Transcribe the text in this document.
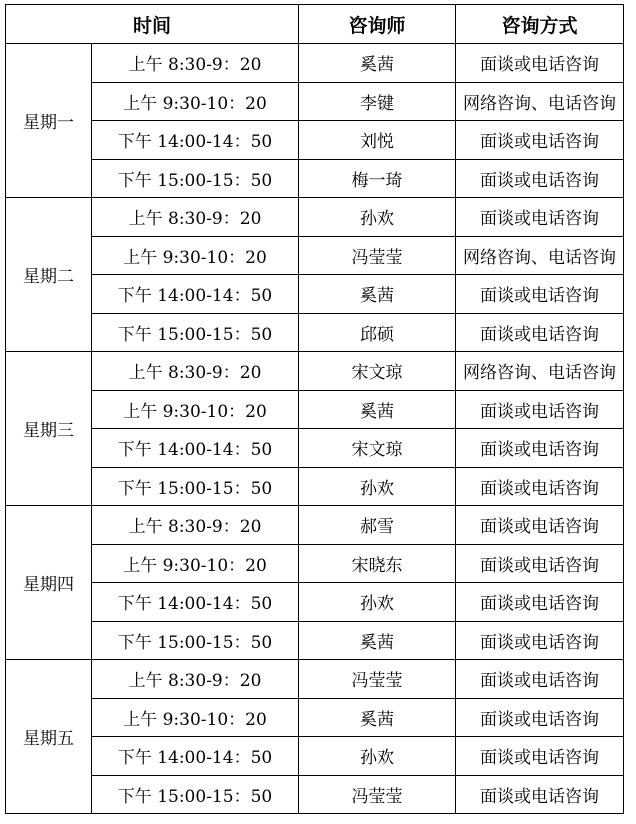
时间		咨询师	咨询方式
星期一	上午 8:30-9：20	奚茜	面谈或电话咨询
	上午 9:30-10：20	李键	网络咨询、电话咨询
	下午 14:00-14：50	刘悦	面谈或电话咨询
	下午 15:00-15：50	梅一琦	面谈或电话咨询
星期二	上午 8:30-9：20	孙欢	面谈或电话咨询
	上午 9:30-10：20	冯莹莹	网络咨询、电话咨询
	下午 14:00-14：50	奚茜	面谈或电话咨询
	下午 15:00-15：50	邱硕	面谈或电话咨询
星期三	上午 8:30-9：20	宋文琼	网络咨询、电话咨询
	上午 9:30-10：20	奚茜	面谈或电话咨询
	下午 14:00-14：50	宋文琼	面谈或电话咨询
	下午 15:00-15：50	孙欢	面谈或电话咨询
星期四	上午 8:30-9：20	郝雪	面谈或电话咨询
	上午 9:30-10：20	宋晓东	面谈或电话咨询
	下午 14:00-14：50	孙欢	面谈或电话咨询
	下午 15:00-15：50	奚茜	面谈或电话咨询
星期五	上午 8:30-9：20	冯莹莹	面谈或电话咨询
	上午 9:30-10：20	奚茜	面谈或电话咨询
	下午 14:00-14：50	孙欢	面谈或电话咨询
	下午 15:00-15：50	冯莹莹	面谈或电话咨询
